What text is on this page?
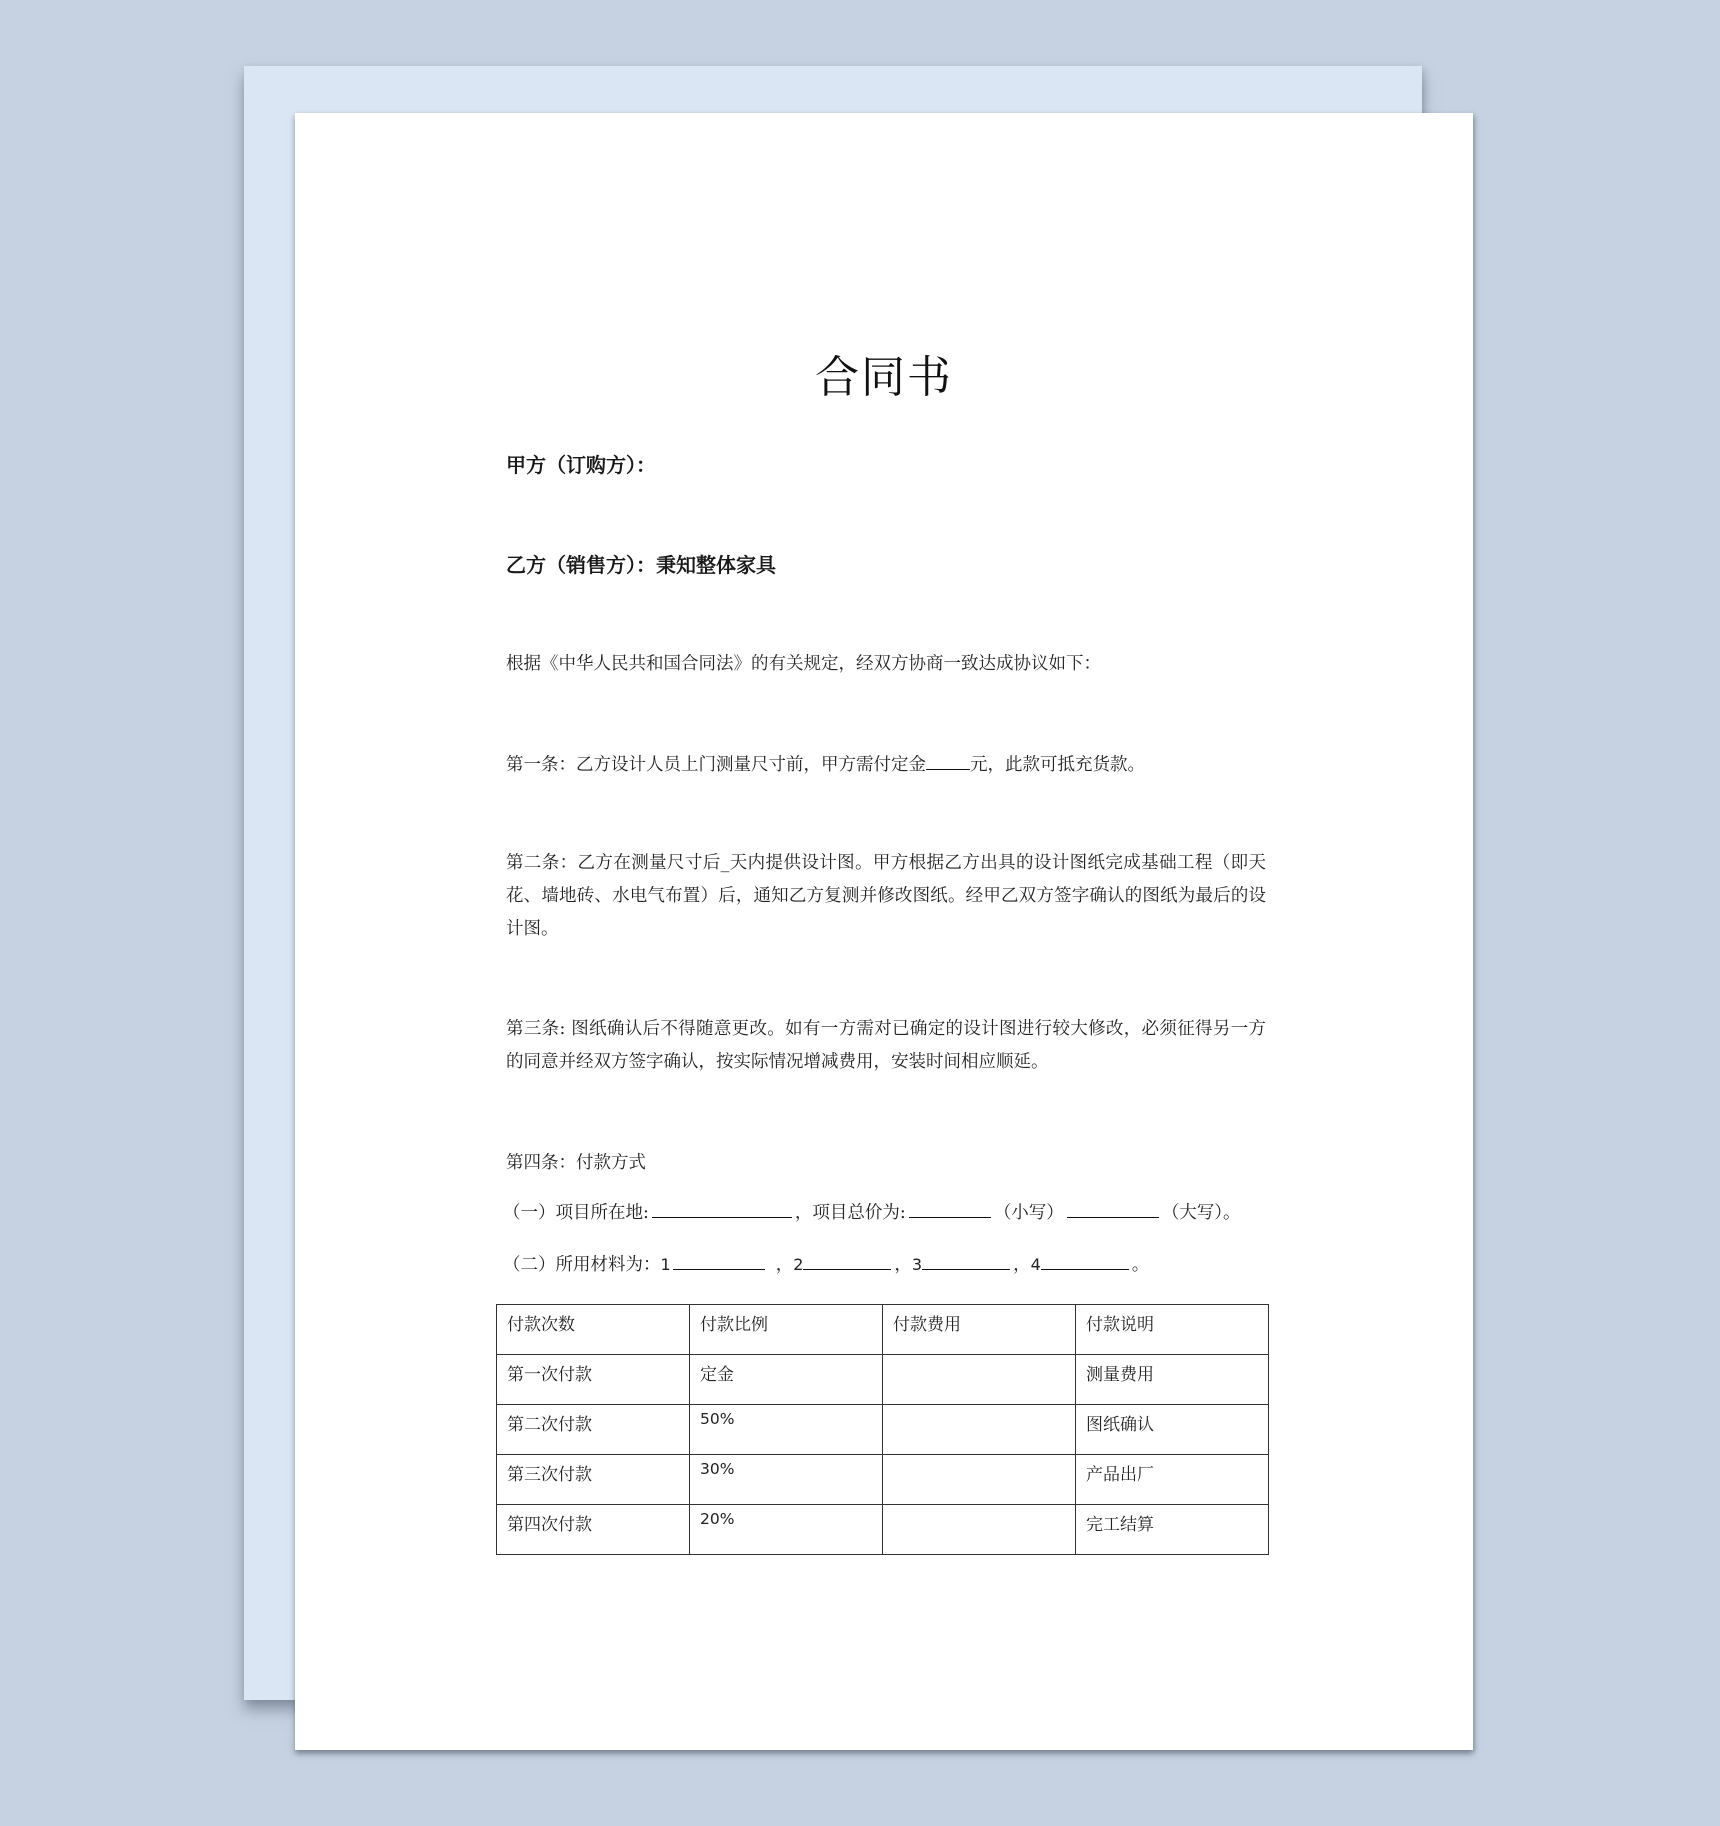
合同书
甲方（订购方）：
乙方（销售方）：秉知整体家具
根据《中华人民共和国合同法》的有关规定，经双方协商一致达成协议如下：
第一条：乙方设计人员上门测量尺寸前，甲方需付定金	元，此款可抵充货款。
第二条：乙方在测量尺寸后_天内提供设计图。甲方根据乙方出具的设计图纸完成基础工程（即天花、墙地砖、水电气布置）后，通知乙方复测并修改图纸。经甲乙双方签字确认的图纸为最后的设计图。
第三条: 图纸确认后不得随意更改。如有一方需对已确定的设计图进行较大修改，必须征得另一方的同意并经双方签字确认，按实际情况增减费用，安装时间相应顺延。
第四条：付款方式
（一）项目所在地:	，项目总价为:	（小写）	（大写）。
（二）所用材料为：1	，2	，3	，4	。
付款次数	付款比例	付款费用	付款说明
第一次付款	定金		测量费用
第二次付款	50%		图纸确认
第三次付款	30%		产品出厂
第四次付款	20%		完工结算
